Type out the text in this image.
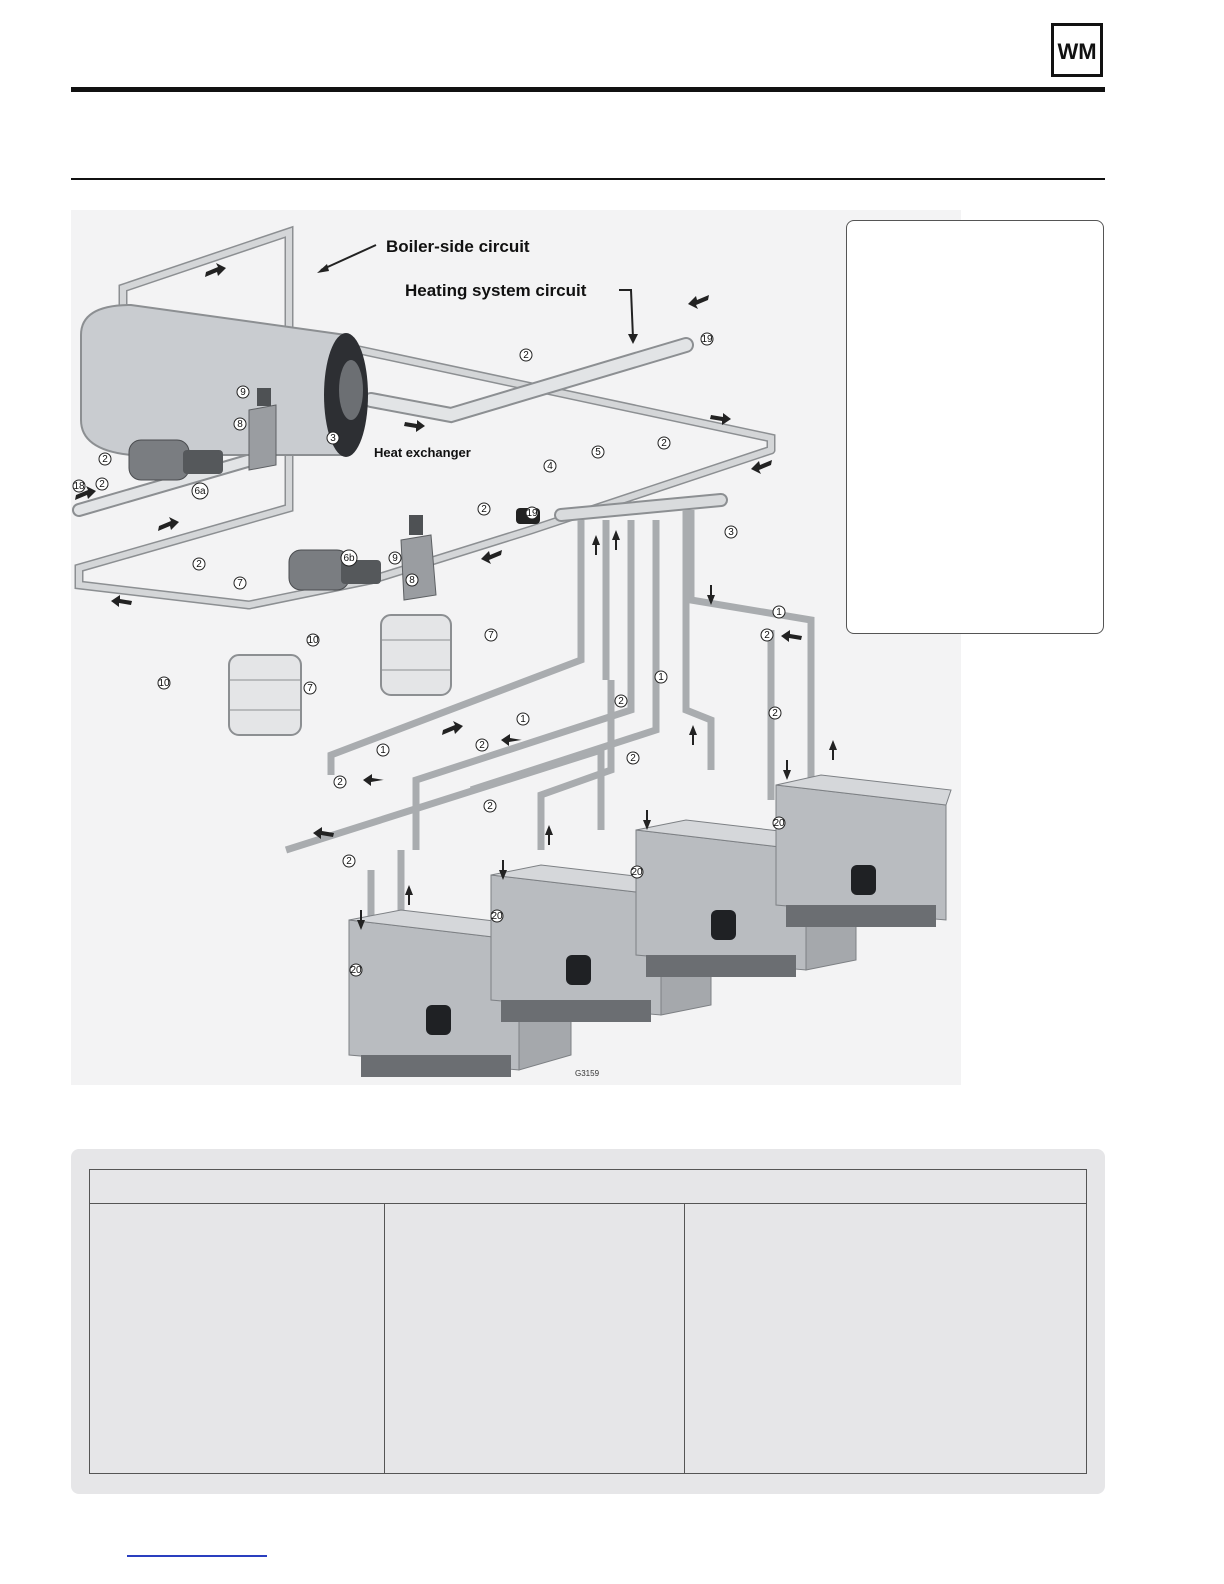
WM
Boiler-side circuit
Heating system circuit
Heat exchanger
G3159
1
1
1
1
2
2
2
2
2
2
2
2
2
2
2
2
2
2
3
4
5
7
9
8
9
8
3
6a
6b
10
7
7
10
19
18
19
20
20
20
20
